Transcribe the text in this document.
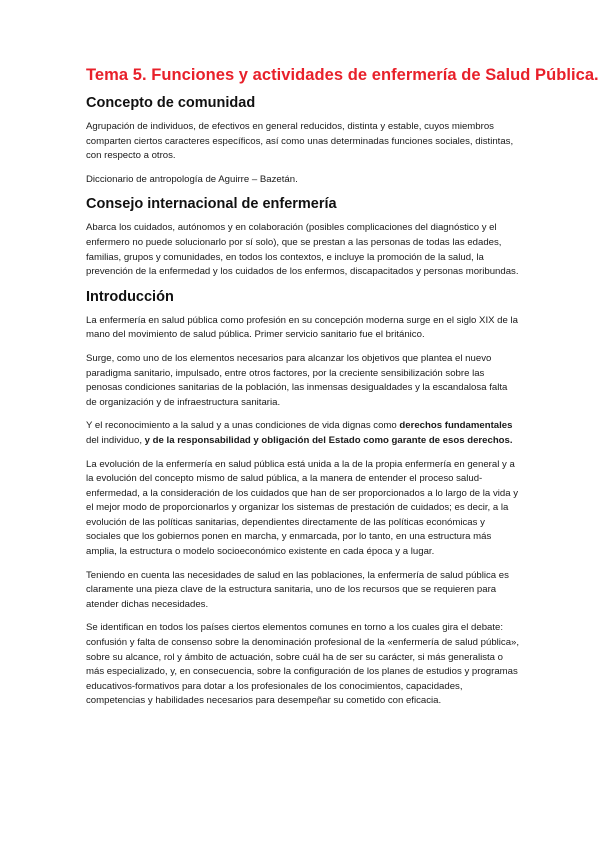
Tema 5. Funciones y actividades de enfermería de Salud Pública.
Concepto de comunidad

Agrupación de individuos, de efectivos en general reducidos, distinta y estable, cuyos miembros comparten ciertos caracteres específicos, así como unas determinadas funciones sociales, distintas, con respecto a otros.

Diccionario de antropología de Aguirre – Bazetán.

Consejo internacional de enfermería

Abarca los cuidados, autónomos y en colaboración (posibles complicaciones del diagnóstico y el enfermero no puede solucionarlo por sí solo), que se prestan a las personas de todas las edades, familias, grupos y comunidades, en todos los contextos, e incluye la promoción de la salud, la prevención de la enfermedad y los cuidados de los enfermos, discapacitados y personas moribundas.

Introducción

La enfermería en salud pública como profesión en su concepción moderna surge en el siglo XIX de la mano del movimiento de salud pública. Primer servicio sanitario fue el británico.

Surge, como uno de los elementos necesarios para alcanzar los objetivos que plantea el nuevo paradigma sanitario, impulsado, entre otros factores, por la creciente sensibilización sobre las penosas condiciones sanitarias de la población, las inmensas desigualdades y la escandalosa falta de organización y de infraestructura sanitaria.

Y el reconocimiento a la salud y a unas condiciones de vida dignas como derechos fundamentales del individuo, y de la responsabilidad y obligación del Estado como garante de esos derechos.

La evolución de la enfermería en salud pública está unida a la de la propia enfermería en general y a la evolución del concepto mismo de salud pública, a la manera de entender el proceso salud-enfermedad, a la consideración de los cuidados que han de ser proporcionados a lo largo de la vida y el mejor modo de proporcionarlos y organizar los sistemas de prestación de cuidados; es decir, a la evolución de las políticas sanitarias, dependientes directamente de las políticas económicas y sociales que los gobiernos ponen en marcha, y enmarcada, por lo tanto, en una estructura más amplia, la estructura o modelo socioeconómico existente en cada época y a lugar.

Teniendo en cuenta las necesidades de salud en las poblaciones, la enfermería de salud pública es claramente una pieza clave de la estructura sanitaria, uno de los recursos que se requieren para atender dichas necesidades.

Se identifican en todos los países ciertos elementos comunes en torno a los cuales gira el debate: confusión y falta de consenso sobre la denominación profesional de la «enfermería de salud pública», sobre su alcance, rol y ámbito de actuación, sobre cuál ha de ser su carácter, si más generalista o más especializado, y, en consecuencia, sobre la configuración de los planes de estudios y programas educativos-formativos para dotar a los profesionales de los conocimientos, capacidades, competencias y habilidades necesarios para desempeñar su cometido con eficacia.
